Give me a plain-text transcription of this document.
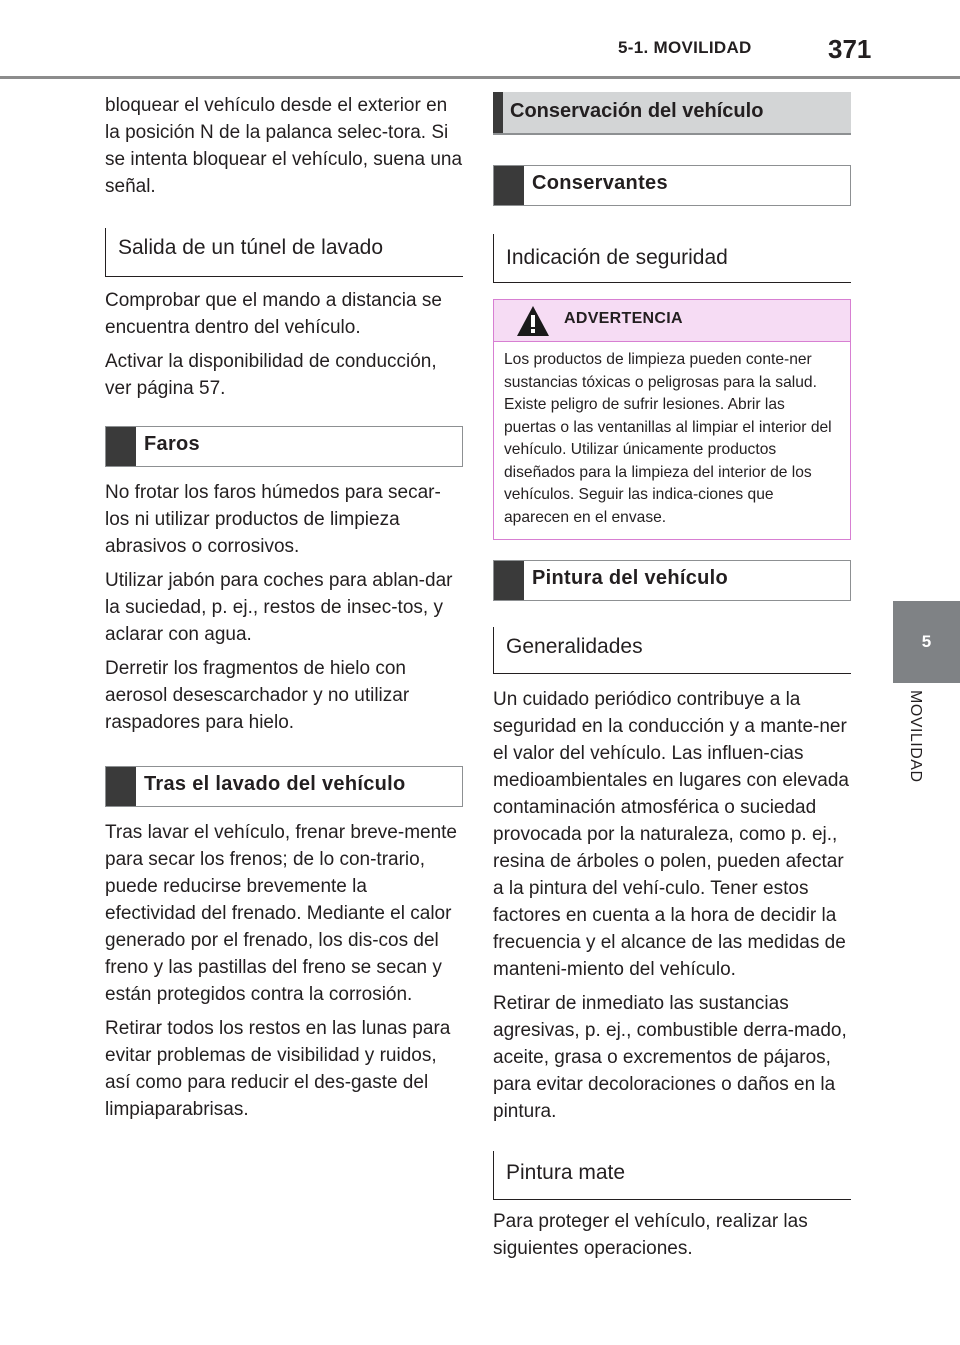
5-1. MOVILIDAD	371
5
MOVILIDAD

bloquear el vehículo desde el exterior en la posición N de la palanca selec-tora. Si se intenta bloquear el vehículo, suena una señal.

Salida de un túnel de lavado

Comprobar que el mando a distancia se encuentra dentro del vehículo.

Activar la disponibilidad de conducción, ver página 57.

Faros

No frotar los faros húmedos para secar-los ni utilizar productos de limpieza abrasivos o corrosivos.

Utilizar jabón para coches para ablan-dar la suciedad, p. ej., restos de insec-tos, y aclarar con agua.

Derretir los fragmentos de hielo con aerosol desescarchador y no utilizar raspadores para hielo.

Tras el lavado del vehículo

Tras lavar el vehículo, frenar breve-mente para secar los frenos; de lo con-trario, puede reducirse brevemente la efectividad del frenado. Mediante el calor generado por el frenado, los dis-cos del freno y las pastillas del freno se secan y están protegidos contra la corrosión.

Retirar todos los restos en las lunas para evitar problemas de visibilidad y ruidos, así como para reducir el des-gaste del limpiaparabrisas.

Conservación del vehículo
Conservantes
Indicación de seguridad
ADVERTENCIA
Los productos de limpieza pueden conte-ner sustancias tóxicas o peligrosas para la salud. Existe peligro de sufrir lesiones. Abrir las puertas o las ventanillas al limpiar el interior del vehículo. Utilizar únicamente productos diseñados para la limpieza del interior de los vehículos. Seguir las indica-ciones que aparecen en el envase.
Pintura del vehículo
Generalidades

Un cuidado periódico contribuye a la seguridad en la conducción y a mante-ner el valor del vehículo. Las influen-cias medioambientales en lugares con elevada contaminación atmosférica o suciedad provocada por la naturaleza, como p. ej., resina de árboles o polen, pueden afectar a la pintura del vehí-culo. Tener estos factores en cuenta a la hora de decidir la frecuencia y el alcance de las medidas de manteni-miento del vehículo.

Retirar de inmediato las sustancias agresivas, p. ej., combustible derra-mado, aceite, grasa o excrementos de pájaros, para evitar decoloraciones o daños en la pintura.

Pintura mate

Para proteger el vehículo, realizar las siguientes operaciones.
